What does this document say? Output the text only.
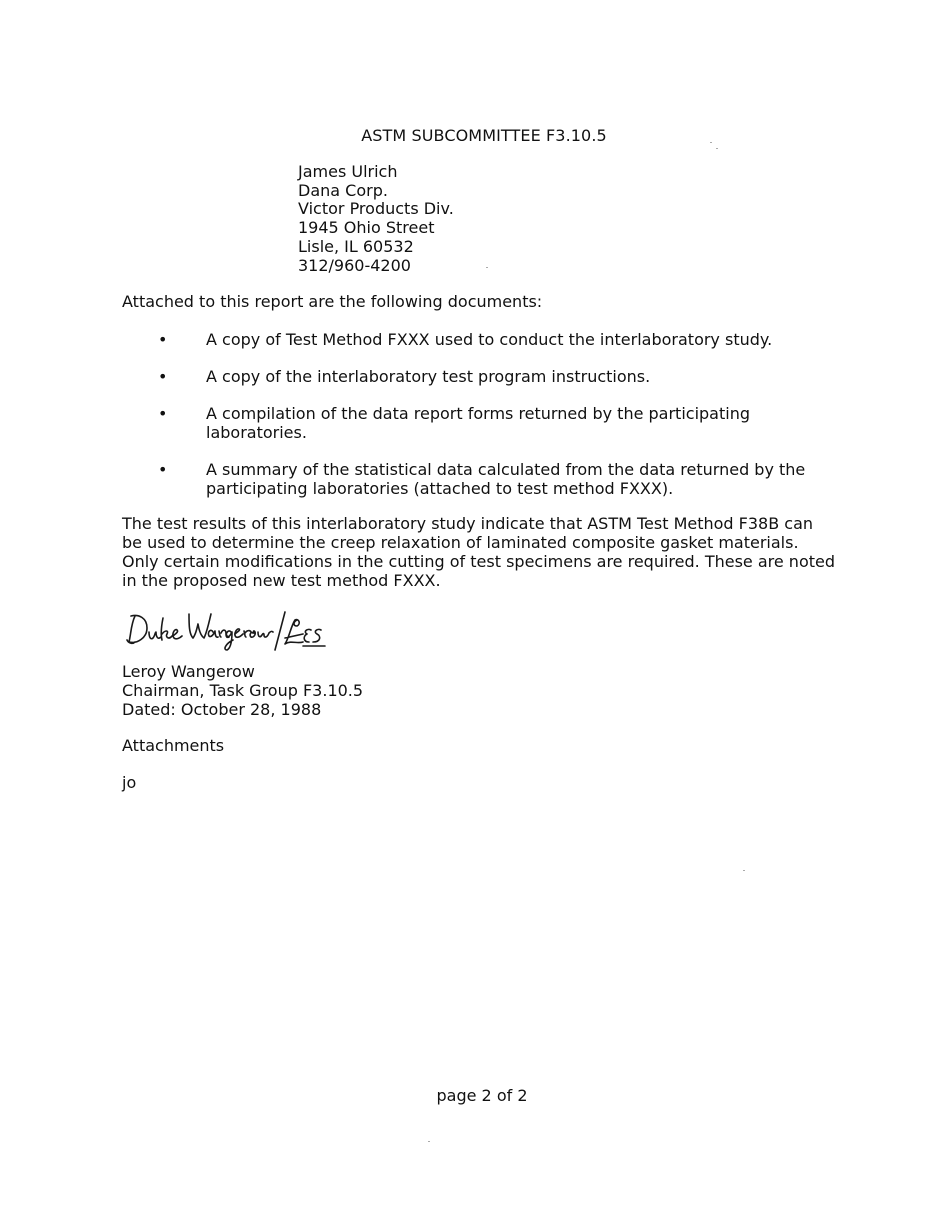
ASTM SUBCOMMITTEE F3.10.5
James Ulrich
Dana Corp.
Victor Products Div.
1945 Ohio Street
Lisle, IL 60532
312/960-4200
Attached to this report are the following documents:
• A copy of Test Method FXXX used to conduct the interlaboratory study.
• A copy of the interlaboratory test program instructions.
• A compilation of the data report forms returned by the participating laboratories.
• A summary of the statistical data calculated from the data returned by the participating laboratories (attached to test method FXXX).
The test results of this interlaboratory study indicate that ASTM Test Method F38B can be used to determine the creep relaxation of laminated composite gasket materials. Only certain modifications in the cutting of test specimens are required. These are noted in the proposed new test method FXXX.
Leroy Wangerow
Chairman, Task Group F3.10.5
Dated: October 28, 1988
Attachments
jo
page 2 of 2
